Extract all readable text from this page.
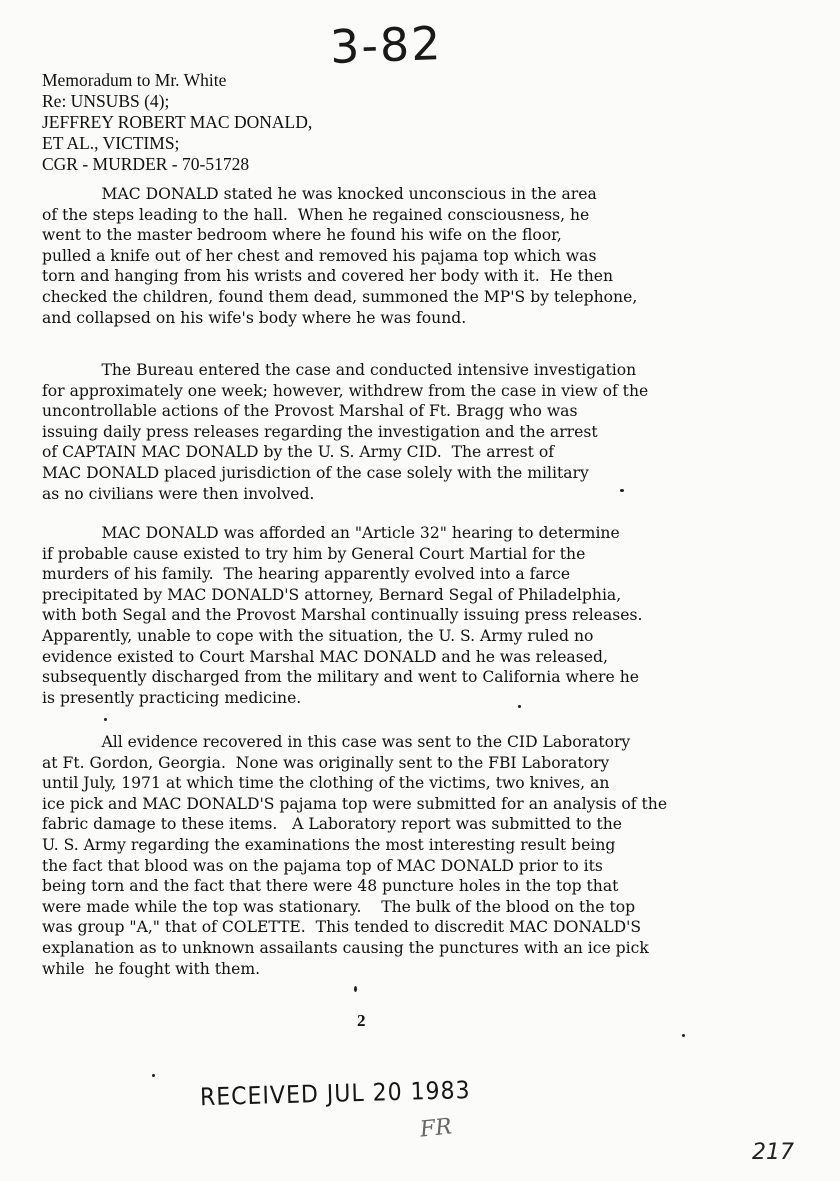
3-82
Memoradum to Mr. White
Re: UNSUBS (4);
JEFFREY ROBERT MAC DONALD,
ET AL., VICTIMS;
CGR - MURDER - 70-51728
MAC DONALD stated he was knocked unconscious in the area
of the steps leading to the hall.  When he regained consciousness, he
went to the master bedroom where he found his wife on the floor,
pulled a knife out of her chest and removed his pajama top which was
torn and hanging from his wrists and covered her body with it.  He then
checked the children, found them dead, summoned the MP'S by telephone,
and collapsed on his wife's body where he was found.
The Bureau entered the case and conducted intensive investigation
for approximately one week; however, withdrew from the case in view of the
uncontrollable actions of the Provost Marshal of Ft. Bragg who was
issuing daily press releases regarding the investigation and the arrest
of CAPTAIN MAC DONALD by the U. S. Army CID.  The arrest of
MAC DONALD placed jurisdiction of the case solely with the military
as no civilians were then involved.
MAC DONALD was afforded an "Article 32" hearing to determine
if probable cause existed to try him by General Court Martial for the
murders of his family.  The hearing apparently evolved into a farce
precipitated by MAC DONALD'S attorney, Bernard Segal of Philadelphia,
with both Segal and the Provost Marshal continually issuing press releases.
Apparently, unable to cope with the situation, the U. S. Army ruled no
evidence existed to Court Marshal MAC DONALD and he was released,
subsequently discharged from the military and went to California where he
is presently practicing medicine.
All evidence recovered in this case was sent to the CID Laboratory
at Ft. Gordon, Georgia.  None was originally sent to the FBI Laboratory
until July, 1971 at which time the clothing of the victims, two knives, an
ice pick and MAC DONALD'S pajama top were submitted for an analysis of the
fabric damage to these items.   A Laboratory report was submitted to the
U. S. Army regarding the examinations the most interesting result being
the fact that blood was on the pajama top of MAC DONALD prior to its
being torn and the fact that there were 48 puncture holes in the top that
were made while the top was stationary.    The bulk of the blood on the top
was group "A," that of COLETTE.  This tended to discredit MAC DONALD'S
explanation as to unknown assailants causing the punctures with an ice pick
while  he fought with them.
2
RECEIVED JUL 20 1983
FR
217
